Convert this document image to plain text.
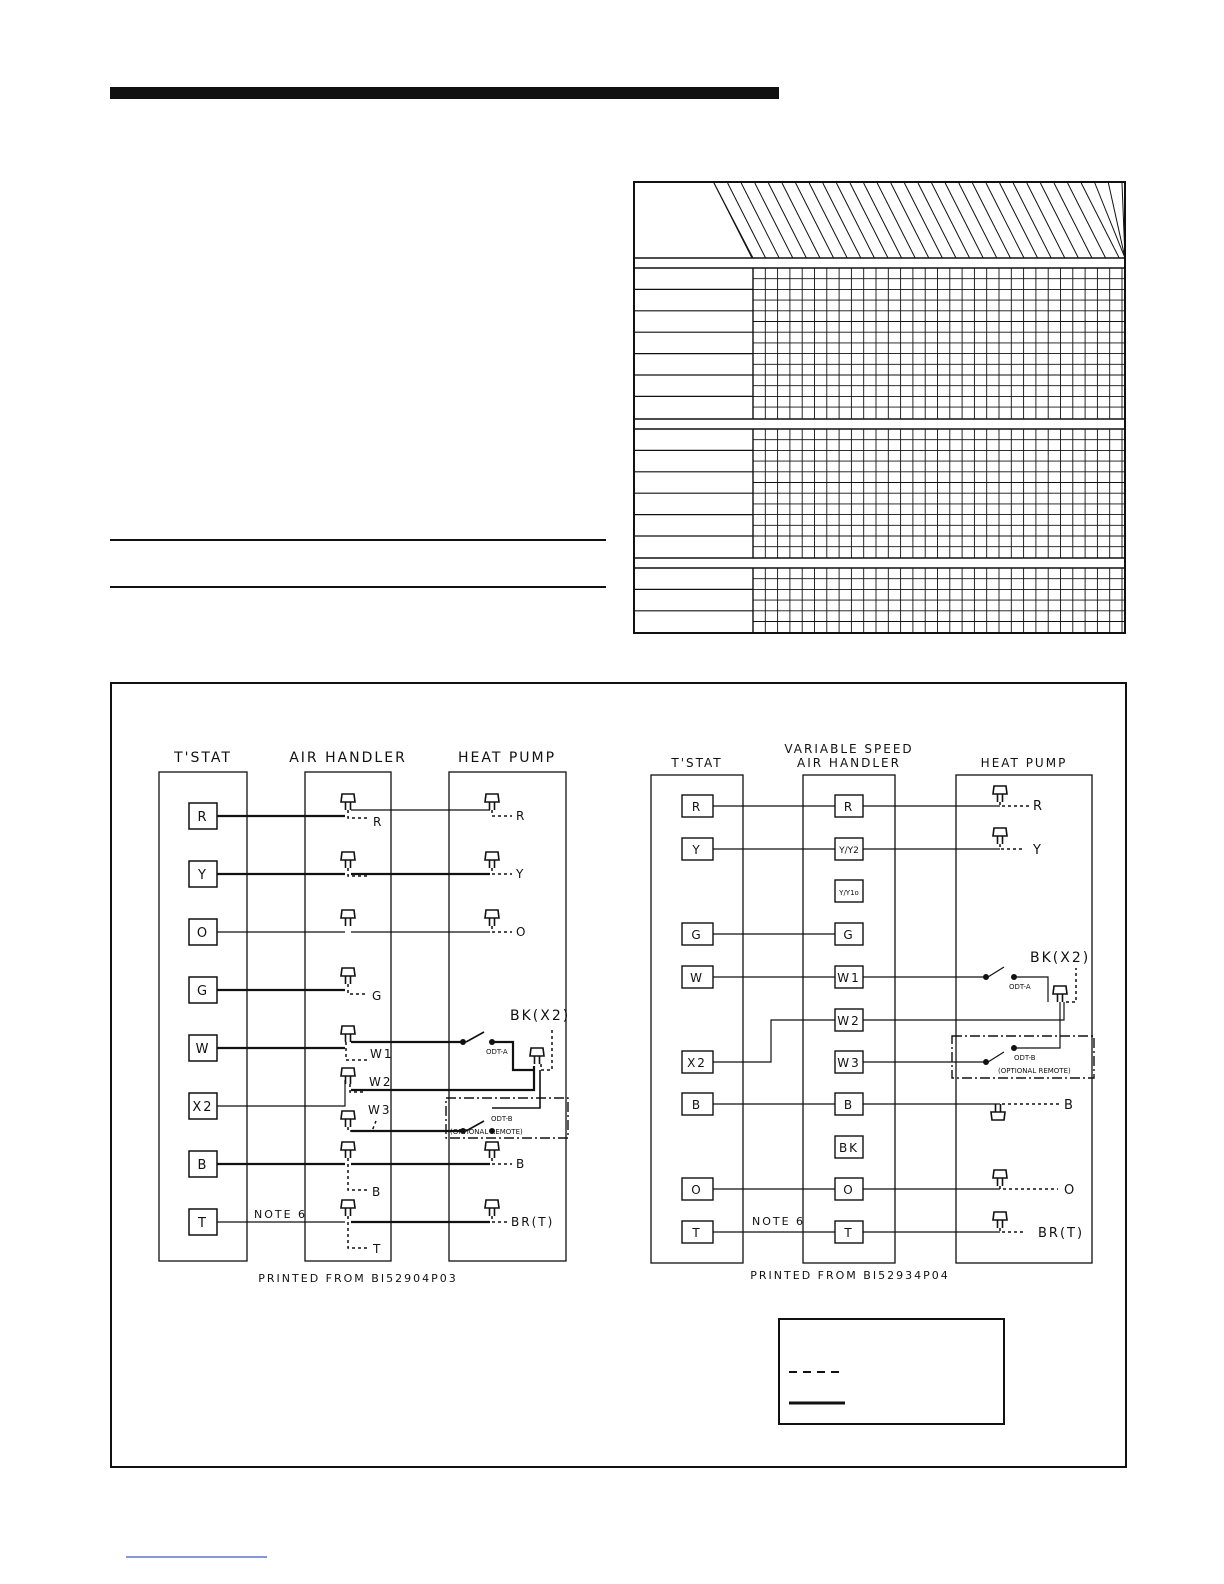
T'STAT	AIR HANDLER	HEAT PUMP
R
Y
O
G
W
X2
B
T
R
G
W1
W2
W3
B
T
R
Y
O
B
BR(T)
BK(X2)
ODT-A
ODT-B
(OPTIONAL REMOTE)
NOTE 6
PRINTED FROM BI52904P03
T'STAT
VARIABLE SPEED
AIR HANDLER	HEAT PUMP
R
Y
G
W
X2
B
O
T
R
Y/Y2
Y/Y1o
G
W1
W2
W3
B
BK
O
T
R
Y
B
O
BR(T)
BK(X2)
ODT-A
ODT-B
(OPTIONAL REMOTE)
NOTE 6
PRINTED FROM BI52934P04
